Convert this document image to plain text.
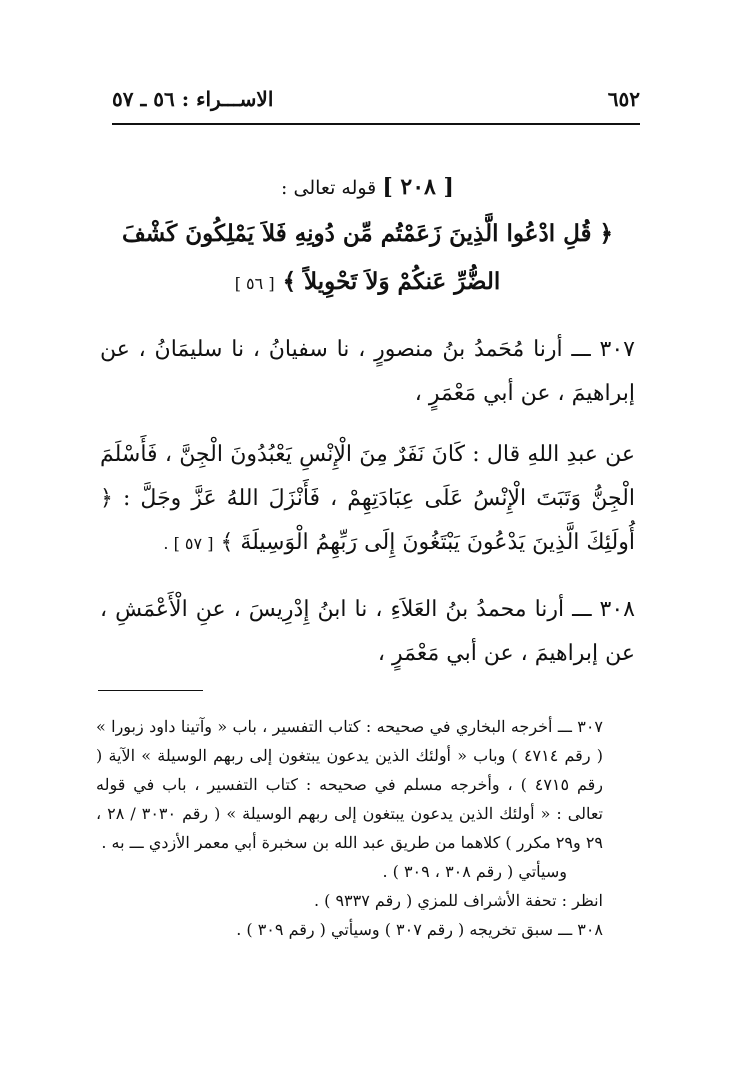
٦٥٢
الاســـراء : ٥٦ ـ ٥٧
[ ٢٠٨ ] قوله تعالى :
﴿ قُلِ ادْعُوا الَّذِينَ زَعَمْتُم مِّن دُونِهِ فَلاَ يَمْلِكُونَ كَشْفَ الضُّرِّ عَنكُمْ وَلاَ تَحْوِيلاً ﴾ [ ٥٦ ]

٣٠٧ ـــ أرنا مُحَمدُ بنُ منصورٍ ، نا سفيانُ ، نا سليمَانُ ، عن إبراهيمَ ، عن أبي مَعْمَرٍ ،

عن عبدِ اللهِ قال : كَانَ نَفَرٌ مِنَ الْإِنْسِ يَعْبُدُونَ الْجِنَّ ، فَأَسْلَمَ الْجِنُّ وَتَبَتَ الْإِنْسُ عَلَى عِبَادَتِهِمْ ، فَأَنْزَلَ اللهُ عَزَّ وجَلَّ : ﴿ أُولَئِكَ الَّذِينَ يَدْعُونَ يَبْتَغُونَ إِلَى رَبِّهِمُ الْوَسِيلَةَ ﴾ [ ٥٧ ] .

٣٠٨ ـــ أرنا محمدُ بنُ العَلاَءِ ، نا ابنُ إِدْرِيسَ ، عنِ الْأَعْمَشِ ، عن إبراهيمَ ، عن أبي مَعْمَرٍ ،

٣٠٧ ـــ أخرجه البخاري في صحيحه : كتاب التفسير ، باب « وآتينا داود زبورا » ( رقم ٤٧١٤ ) وباب « أولئك الذين يدعون يبتغون إلى ربهم الوسيلة » الآية ( رقم ٤٧١٥ ) ، وأخرجه مسلم في صحيحه : كتاب التفسير ، باب في قوله تعالى : « أولئك الذين يدعون يبتغون إلى ربهم الوسيلة » ( رقم ٣٠٣٠ / ٢٨ ، ٢٩ و٢٩ مكرر ) كلاهما من طريق عبد الله بن سخبرة أبي معمر الأزدي ـــ به .

وسيأتي ( رقم ٣٠٨ ، ٣٠٩ ) .

انظر : تحفة الأشراف للمزي ( رقم ٩٣٣٧ ) .

٣٠٨ ـــ سبق تخريجه ( رقم ٣٠٧ ) وسيأتي ( رقم ٣٠٩ ) .
